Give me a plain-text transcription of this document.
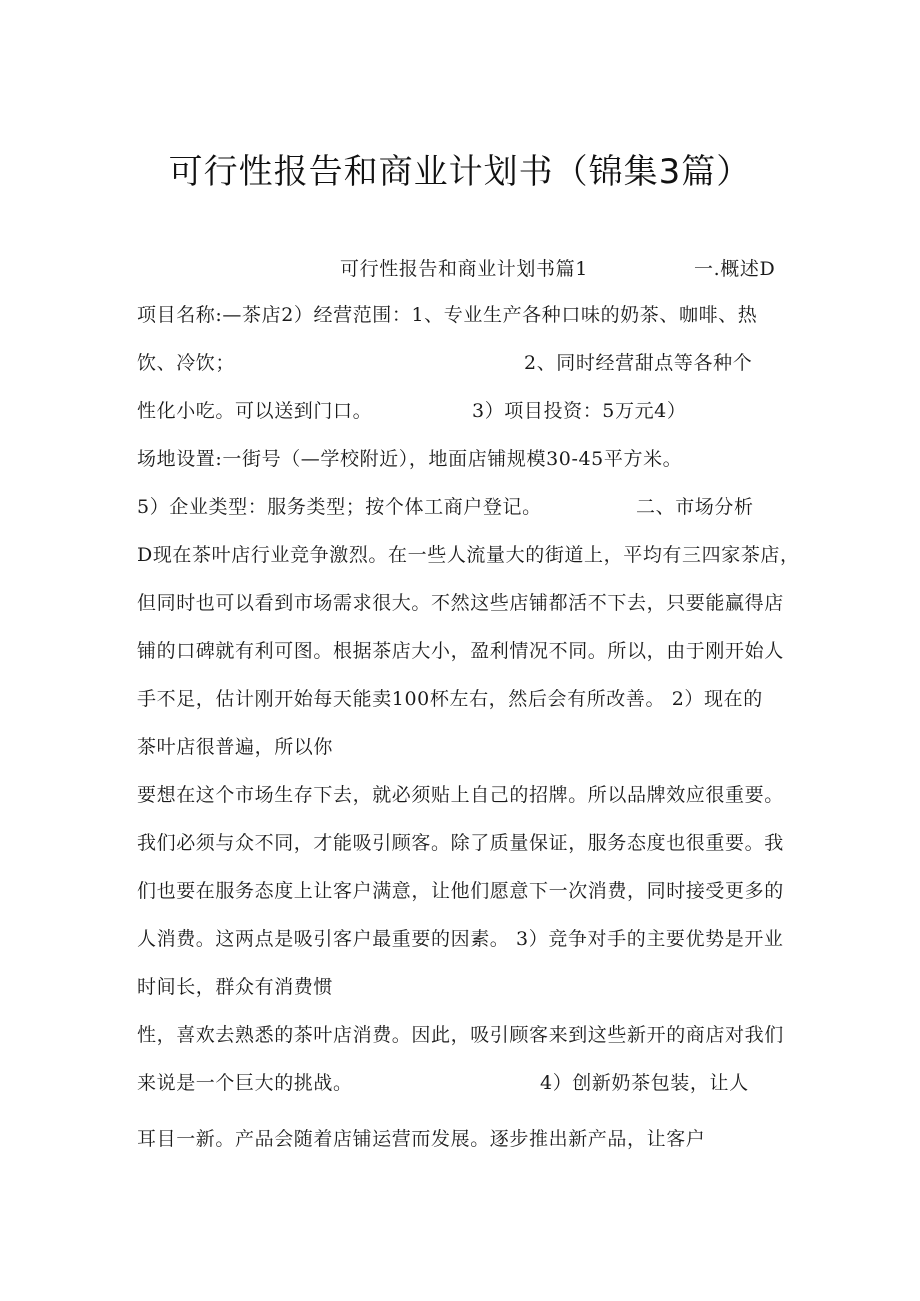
可行性报告和商业计划书（锦集3篇）
可行性报告和商业计划书篇1	一.概述D
项目名称:—茶店2）经营范围：1、专业生产各种口味的奶茶、咖啡、热
饮、冷饮；	2、同时经营甜点等各种个
性化小吃。可以送到门口。	3）项目投资：5万元4）
场地设置:一街号（—学校附近），地面店铺规模30-45平方米。
5）企业类型：服务类型；按个体工商户登记。	二、市场分析
D现在茶叶店行业竞争激烈。在一些人流量大的街道上，平均有三四家茶店，
但同时也可以看到市场需求很大。不然这些店铺都活不下去，只要能赢得店
铺的口碑就有利可图。根据茶店大小，盈利情况不同。所以，由于刚开始人
手不足，估计刚开始每天能卖100杯左右，然后会有所改善。 2）现在的
茶叶店很普遍，所以你
要想在这个市场生存下去，就必须贴上自己的招牌。所以品牌效应很重要。
我们必须与众不同，才能吸引顾客。除了质量保证，服务态度也很重要。我
们也要在服务态度上让客户满意，让他们愿意下一次消费，同时接受更多的
人消费。这两点是吸引客户最重要的因素。 3）竞争对手的主要优势是开业
时间长，群众有消费惯
性，喜欢去熟悉的茶叶店消费。因此，吸引顾客来到这些新开的商店对我们
来说是一个巨大的挑战。	4）创新奶茶包装，让人
耳目一新。产品会随着店铺运营而发展。逐步推出新产品，让客户
